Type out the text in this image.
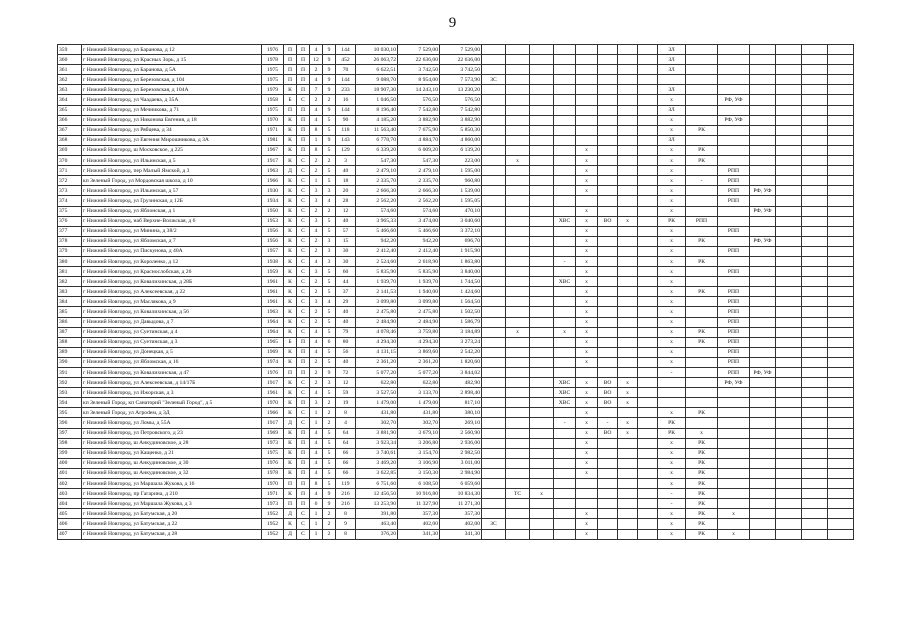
9
359	г Нижний Новгород, ул Баранова, д 12	1976	П	П	4	9	144	10 030,10	7 529,00	7 529,00									ЗЛ						
360	г Нижний Новгород, ул Красных Зорь, д 15	1978	П	П	12	9	452	26 063,72	22 636,00	22 636,00									ЗЛ						
361	г Нижний Новгород, ул Баранова, д 5А	1975	П	П	2	9	70	6 622,51	3 742,50	3 742,50									ЗЛ						
362	г Нижний Новгород, ул Березовская, д 104	1975	П	П	4	9	144	9 088,70	8 954,00	7 573,90	ЗС														
363	г Нижний Новгород, ул Березовская, д 104А	1979	К	П	7	9	233	18 907,30	14 243,10	13 230,20									ЗЛ						
364	г Нижний Новгород, ул Чаадаева, д 35А	1958	Б	С	2	2	16	1 046,50	576,50	576,50									х		РФ, УФ				
365	г Нижний Новгород, ул Мечникова, д 71	1975	П	П	4	9	144	8 196,40	7 542,80	7 542,80									ЗЛ						
366	г Нижний Новгород, ул Никонова Евгения, д 18	1970	К	П	4	5	90	4 185,20	3 882,90	3 882,90									х		РФ, УФ				
367	г Нижний Новгород, ул Рябцева, д 34	1971	К	П	8	5	118	11 563,40	7 675,90	5 850,30									х	РК					
368	г Нижний Новгород, ул Евгения Мирошникова, д 3А	1981	К	П	1	9	143	6 778,70	4 884,70	4 860,00									ЗЛ						
369	г Нижний Новгород, ш Московское, д 225	1967	К	П	8	5	129	6 339,20	6 009,20	6 139,20					х				х	РК					
370	г Нижний Новгород, ул Ильинская, д 5	1917	К	С	2	2	3	547,30	547,30	223,00		х			х				х	РК					
371	г Нижний Новгород, пер Малый Ямской, д 3	1963	Д	С	2	5	40	2 479,10	2 479,10	1 595,00					х				х		РПП				
372	кп Зеленый Город, ул Мордовская школа, д 10	1966	К	С	1	5	18	2 335,70	2 335,70	960,80					х				х	-	РПП				
373	г Нижний Новгород, ул Ильинская, д 57	1930	К	С	3	3	20	2 666,30	2 666,30	1 539,00					х				х		РПП	РФ, УФ			
374	г Нижний Новгород, ул Грузинская, д 12Б	1934	К	С	3	4	28	2 562,20	2 562,20	1 595,05									х		РПП				
375	г Нижний Новгород, ул Яблонская, д 1	1950	К	С	2	2	12	574,60	574,60	470,10					х				х			РФ, УФ			
376	г Нижний Новгород, наб Верхне-Волжская, д 6	1953	К	С	3	5	40	3 965,33	3 474,00	3 040,60				ХВС	х	ВО	х		РК	РПП					
377	г Нижний Новгород, ул Минина, д 38/2	1956	К	С	4	5	57	5 466,60	5 466,60	3 372,10					х				х		РПП				
378	г Нижний Новгород, ул Ябломская, д 7	1956	К	С	2	3	15	942,20	942,20	696,70					х				х	РК		РФ, УФ			
379	г Нижний Новгород, ул Пискунова, д 40А	1957	К	С	2	3	30	2 412,40	2 412,40	1 915,90					х				х		РПП				
380	г Нижний Новгород, ул Короленко, д 12	1938	К	С	4	3	30	2 524,60	2 618,90	1 863,80				-	х				х	РК					
381	г Нижний Новгород, ул Краснослобская, д 26	1959	К	С	3	5	60	5 835,90	5 835,90	3 840,00					х				х		РПП				
382	г Нижний Новгород, ул Ковалихинская, д 28Б	1961	К	С	2	5	44	1 939,70	1 939,70	1 744,50				ХВС	х				х						
383	г Нижний Новгород, ул Алексеевская, д 22	1961	К	С	2	5	37	2 141,53	1 940,00	1 424,60					х				х	РК	РПП				
384	г Нижний Новгород, ул Маслякова, д 9	1961	К	С	3	4	29	3 099,80	3 099,80	1 564,50					х				х		РПП				
385	г Нижний Новгород, ул Ковалихинская, д 56	1963	К	С	2	5	40	2 475,80	2 475,80	1 502,50					х				х		РПП				
386	г Нижний Новгород, ул Давыдова, д 7	1964	К	С	2	5	40	2 484,90	2 484,90	1 586,79					х				х		РПП				
387	г Нижний Новгород, ул Суетинская, д 4	1964	К	С	4	5	79	4 078,46	3 759,80	3 184,89		х		х	х				х	РК	РПП				
388	г Нижний Новгород, ул Суетинская, д 3	1965	Б	П	4	6	80	4 294,30	4 294,30	3 273,24					х				х	РК	РПП				
389	г Нижний Новгород, ул Донецкая, д 5	1969	К	П	4	5	56	4 131,15	3 869,60	2 542,20					х				х		РПП				
390	г Нижний Новгород, ул Ябломская, д 16	1974	К	П	2	5	40	2 361,20	2 361,20	1 820,60					х				х		РПП				
391	г Нижний Новгород, ул Ковалихинская, д 47	1976	П	П	2	9	72	5 077,20	5 077,20	3 844,02									-		РПП	РФ, УФ			
392	г Нижний Новгород, ул Алексеевская, д 14/17Б	1917	К	С	2	3	12	622,80	622,80	482,90				ХВС	х	ВО	х				РФ, УФ				
393	г Нижний Новгород, ул Ижорская, д 3	1961	К	С	4	5	59	3 527,50	3 133,70	2 898,40				ХВС	х	ВО	х								
394	кп Зеленый Город, кп Санаторий "Зеленый Город", д 5	1970	К	П	3	2	19	1 479,00	1 479,00	817,10				ХВС	х	ВО	х								
395	кп Зеленый Город, ул Агрodeм, д 3Д	1966	К	С	1	2	8	431,80	431,80	380,10					х				х	РК					
396	г Нижний Новгород, ул Ломы, д 55А	1917	Д	С	1	2	4	302,70	302,70	269,10				-	х	-	х		РК						
397	г Нижний Новгород, ул Петровского, д 23	1969	К	П	4	5	64	3 881,90	3 679,10	2 560,90					х	ВО	х		РК	х					
398	г Нижний Новгород, ш Анкудиновское, д 28	1973	К	П	4	5	64	3 923,34	3 206,80	2 936,00					х				х	РК					
399	г Нижний Новгород, ул Кащенко, д 21	1975	К	П	4	5	66	3 740,61	3 154,70	2 982,50					х				х	РК					
400	г Нижний Новгород, ш Анкудиновское, д 30	1976	К	П	4	5	66	3 469,20	3 106,90	3 011,00					х				х	РК					
401	г Нижний Новгород, ш Анкудиновское, д 32	1978	К	П	4	5	66	3 622,85	3 150,30	2 984,90					х				х	РК					
402	г Нижний Новгород, ул Маршала Жукова, д 16	1970	П	П	8	5	119	6 751,60	6 108,50	6 059,60									х	РК					
403	г Нижний Новгород, пр Гагарина, д 210	1971	К	П	4	9	216	12 456,50	10 916,80	10 834,30		ТС	х						-	РК					
404	г Нижний Новгород, ул Маршала Жукова, д 3	1973	П	П	6	9	216	13 253,90	11 327,90	11 271,30									-	РК					
405	г Нижний Новгород, ул Батумская, д 20	1952	Д	С	1	2	8	391,80	357,30	357,30					х				х	РК	х				
406	г Нижний Новгород, ул Батумская, д 22	1952	К	С	1	2	9	463,40	402,00	402,00	ЗС				х				х	РК					
407	г Нижний Новгород, ул Батумская, д 28	1952	Д	С	1	2	8	376,20	341,30	341,30					х				х	РК	х				
